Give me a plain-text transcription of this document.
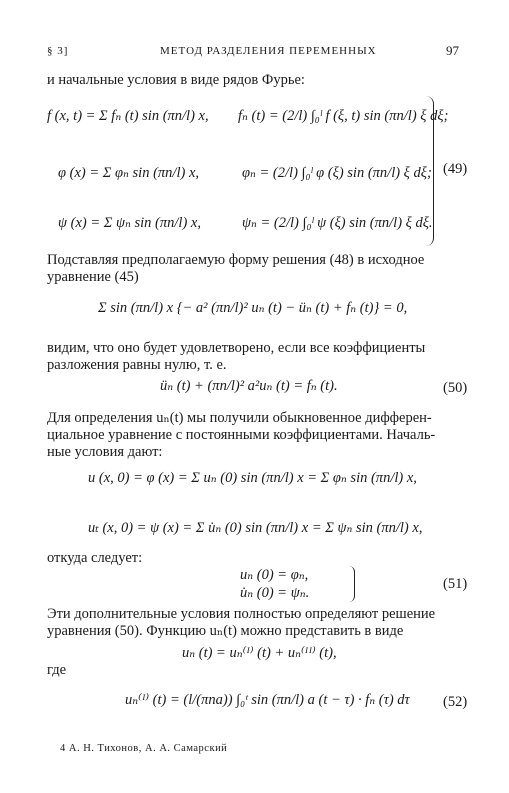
§ 3]	МЕТОД РАЗДЕЛЕНИЯ ПЕРЕМЕННЫХ	97
и начальные условия в виде рядов Фурье:
f (x, t) = Σ fₙ (t) sin (πn/l) x, fₙ (t) = (2/l) ∫₀ˡ f (ξ, t) sin (πn/l) ξ dξ;
φ (x) = Σ φₙ sin (πn/l) x,	φₙ = (2/l) ∫₀ˡ φ (ξ) sin (πn/l) ξ dξ;
ψ (x) = Σ ψₙ sin (πn/l) x,	ψₙ = (2/l) ∫₀ˡ ψ (ξ) sin (πn/l) ξ dξ.
(49)
Подставляя предполагаемую форму решения (48) в исходное
уравнение (45)
Σ sin (πn/l) x {− a² (πn/l)² uₙ (t) − üₙ (t) + fₙ (t)} = 0,
видим, что оно будет удовлетворено, если все коэффициенты
разложения равны нулю, т. е.
üₙ (t) + (πn/l)² a²uₙ (t) = fₙ (t).	(50)
Для определения uₙ(t) мы получили обыкновенное дифферен-
циальное уравнение с постоянными коэффициентами. Началь-
ные условия дают:
u (x, 0) = φ (x) = Σ uₙ (0) sin (πn/l) x = Σ φₙ sin (πn/l) x,
uₜ (x, 0) = ψ (x) = Σ u̇ₙ (0) sin (πn/l) x = Σ ψₙ sin (πn/l) x,
откуда следует:
uₙ (0) = φₙ,
u̇ₙ (0) = ψₙ.
(51)
Эти дополнительные условия полностью определяют решение
уравнения (50). Функцию uₙ(t) можно представить в виде
uₙ (t) = uₙ⁽ᴵ⁾ (t) + uₙ⁽ᴵᴵ⁾ (t),
где
uₙ⁽ᴵ⁾ (t) = (l/(πna)) ∫₀ᵗ sin (πn/l) a (t − τ) · fₙ (τ) dτ (52)
4 А. Н. Тихонов, А. А. Самарский
